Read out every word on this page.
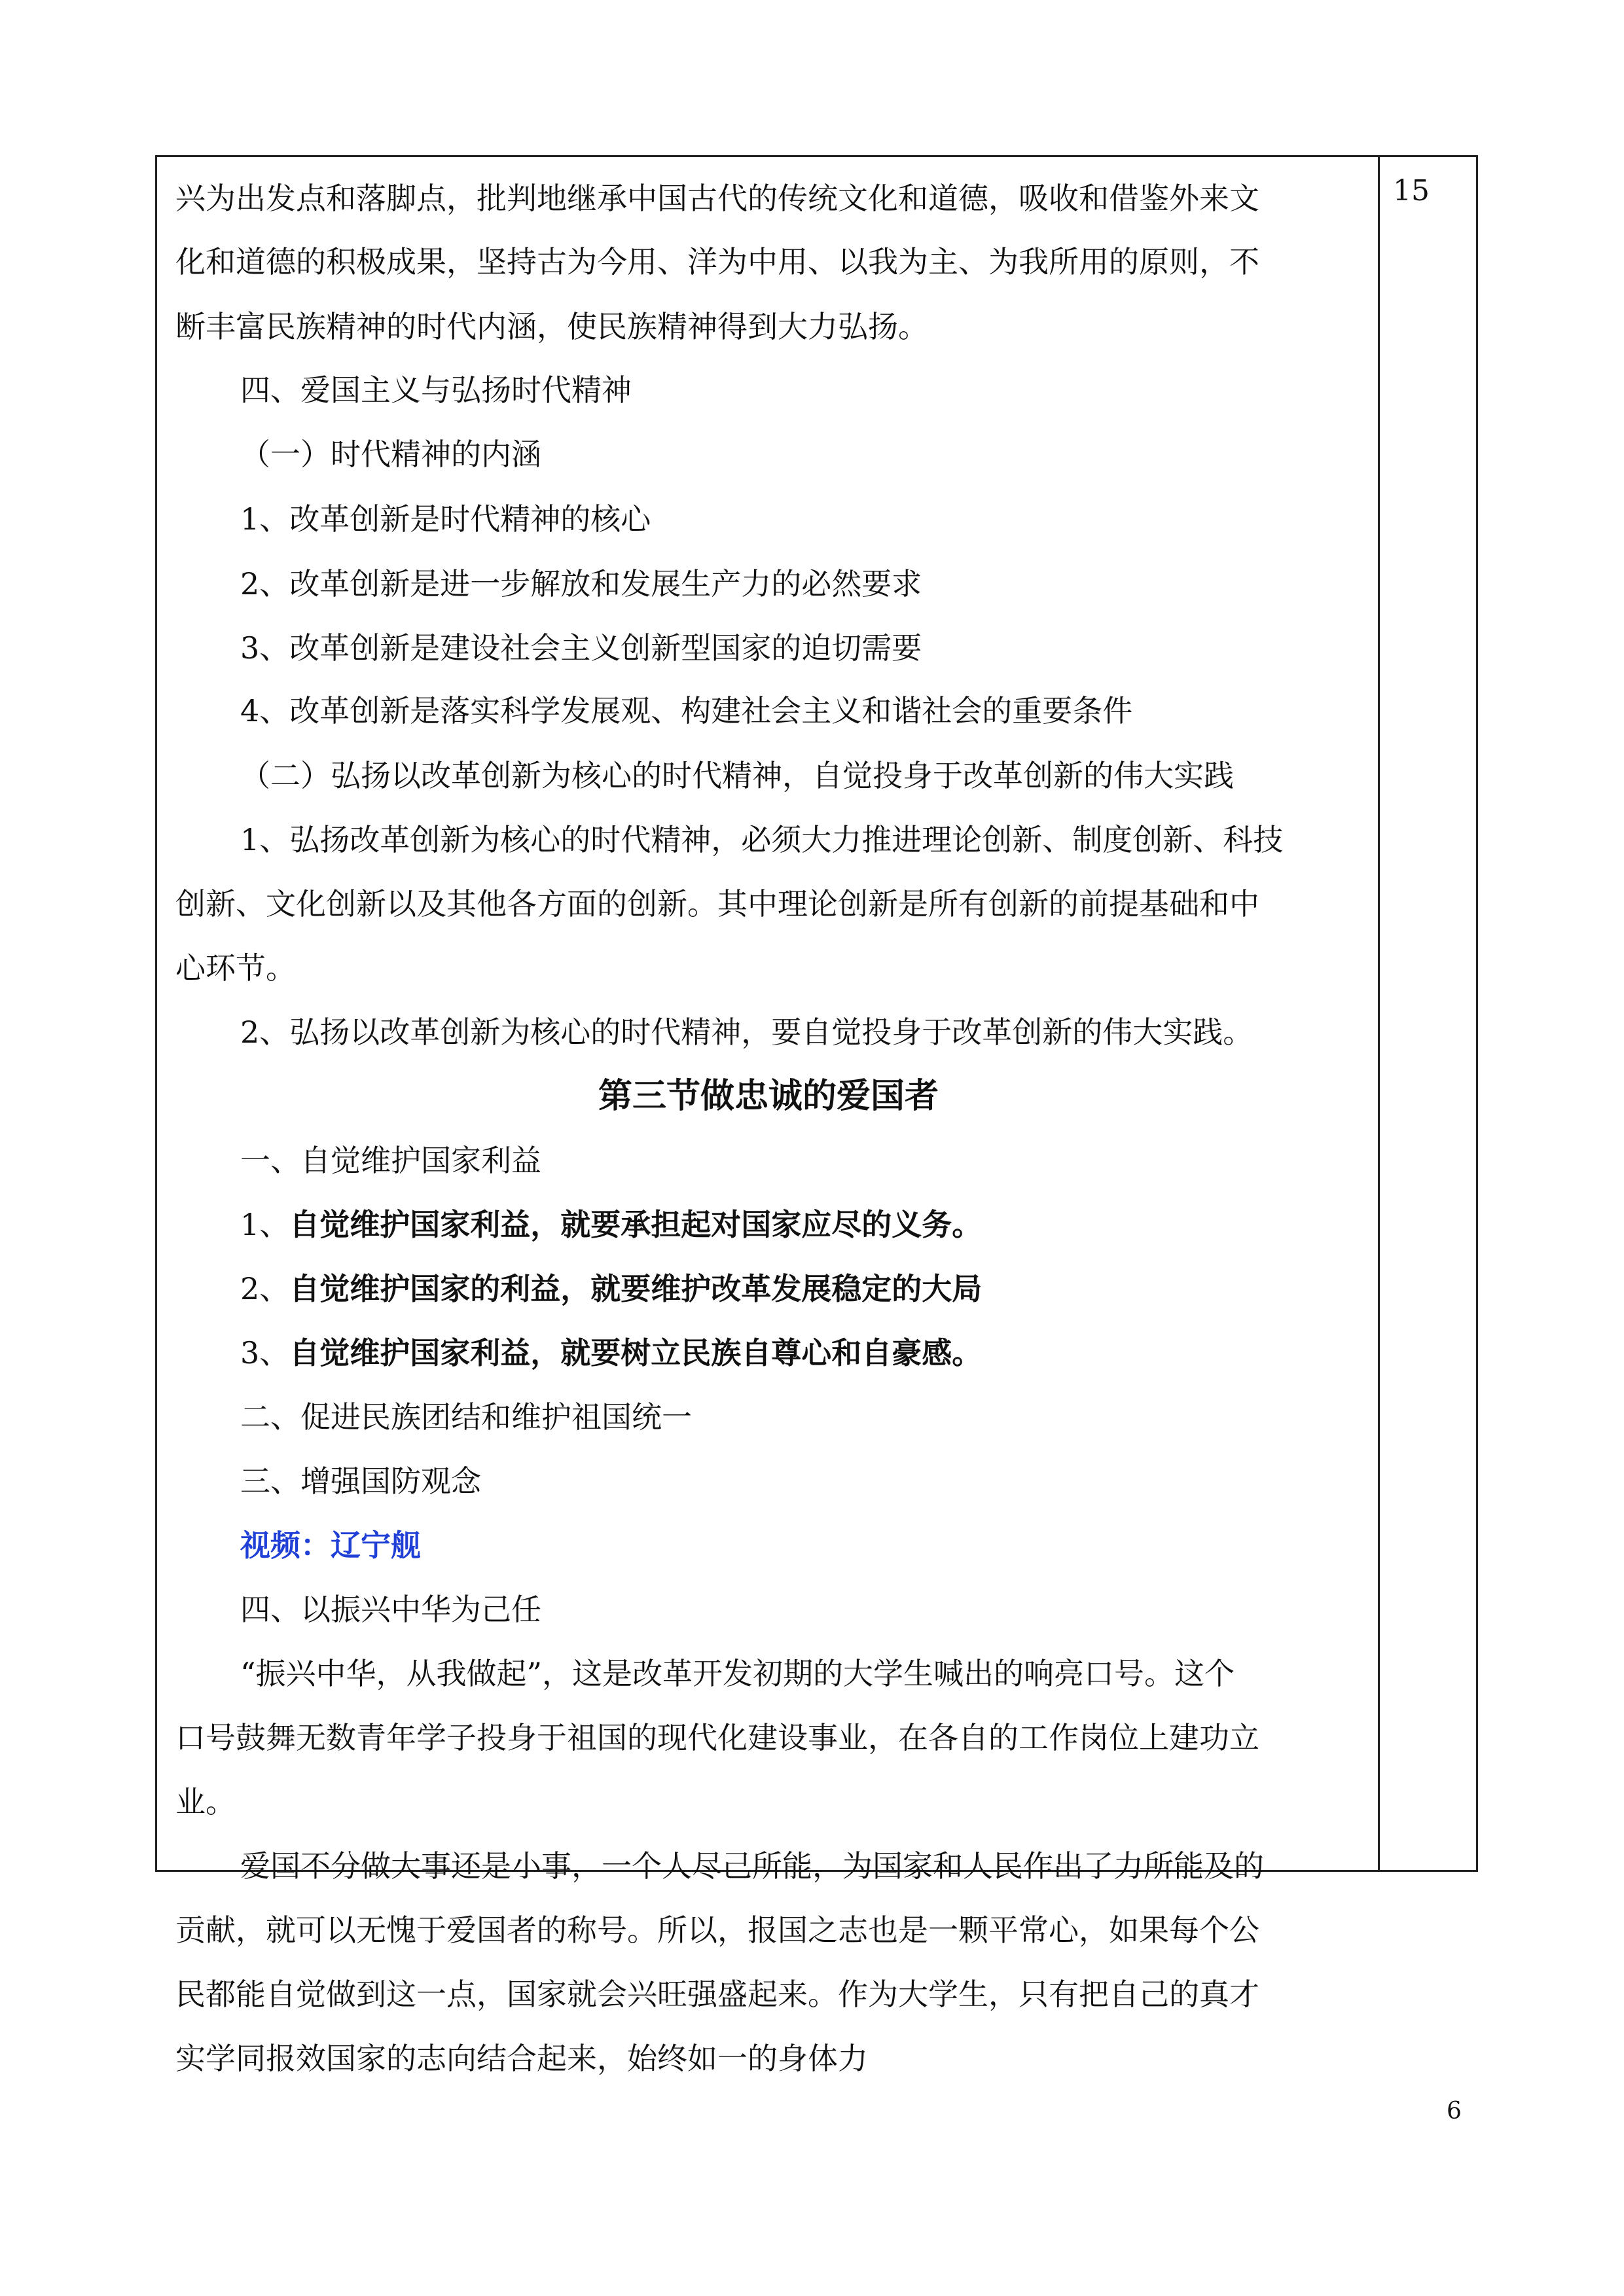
兴为出发点和落脚点，批判地继承中国古代的传统文化和道德，吸收和借鉴外来文
化和道德的积极成果，坚持古为今用、洋为中用、以我为主、为我所用的原则，不
断丰富民族精神的时代内涵，使民族精神得到大力弘扬。
四、爱国主义与弘扬时代精神
（一）时代精神的内涵
1、改革创新是时代精神的核心
2、改革创新是进一步解放和发展生产力的必然要求
3、改革创新是建设社会主义创新型国家的迫切需要
4、改革创新是落实科学发展观、构建社会主义和谐社会的重要条件
（二）弘扬以改革创新为核心的时代精神，自觉投身于改革创新的伟大实践
1、弘扬改革创新为核心的时代精神，必须大力推进理论创新、制度创新、科技
创新、文化创新以及其他各方面的创新。其中理论创新是所有创新的前提基础和中
心环节。
2、弘扬以改革创新为核心的时代精神，要自觉投身于改革创新的伟大实践。
第三节做忠诚的爱国者
一、自觉维护国家利益
1、自觉维护国家利益，就要承担起对国家应尽的义务。
2、自觉维护国家的利益，就要维护改革发展稳定的大局
3、自觉维护国家利益，就要树立民族自尊心和自豪感。
二、促进民族团结和维护祖国统一
三、增强国防观念
视频：辽宁舰
四、以振兴中华为己任
“振兴中华，从我做起”，这是改革开发初期的大学生喊出的响亮口号。这个
口号鼓舞无数青年学子投身于祖国的现代化建设事业，在各自的工作岗位上建功立
业。
爱国不分做大事还是小事，一个人尽己所能，为国家和人民作出了力所能及的
贡献，就可以无愧于爱国者的称号。所以，报国之志也是一颗平常心，如果每个公
民都能自觉做到这一点，国家就会兴旺强盛起来。作为大学生，只有把自己的真才
实学同报效国家的志向结合起来，始终如一的身体力
15
6
